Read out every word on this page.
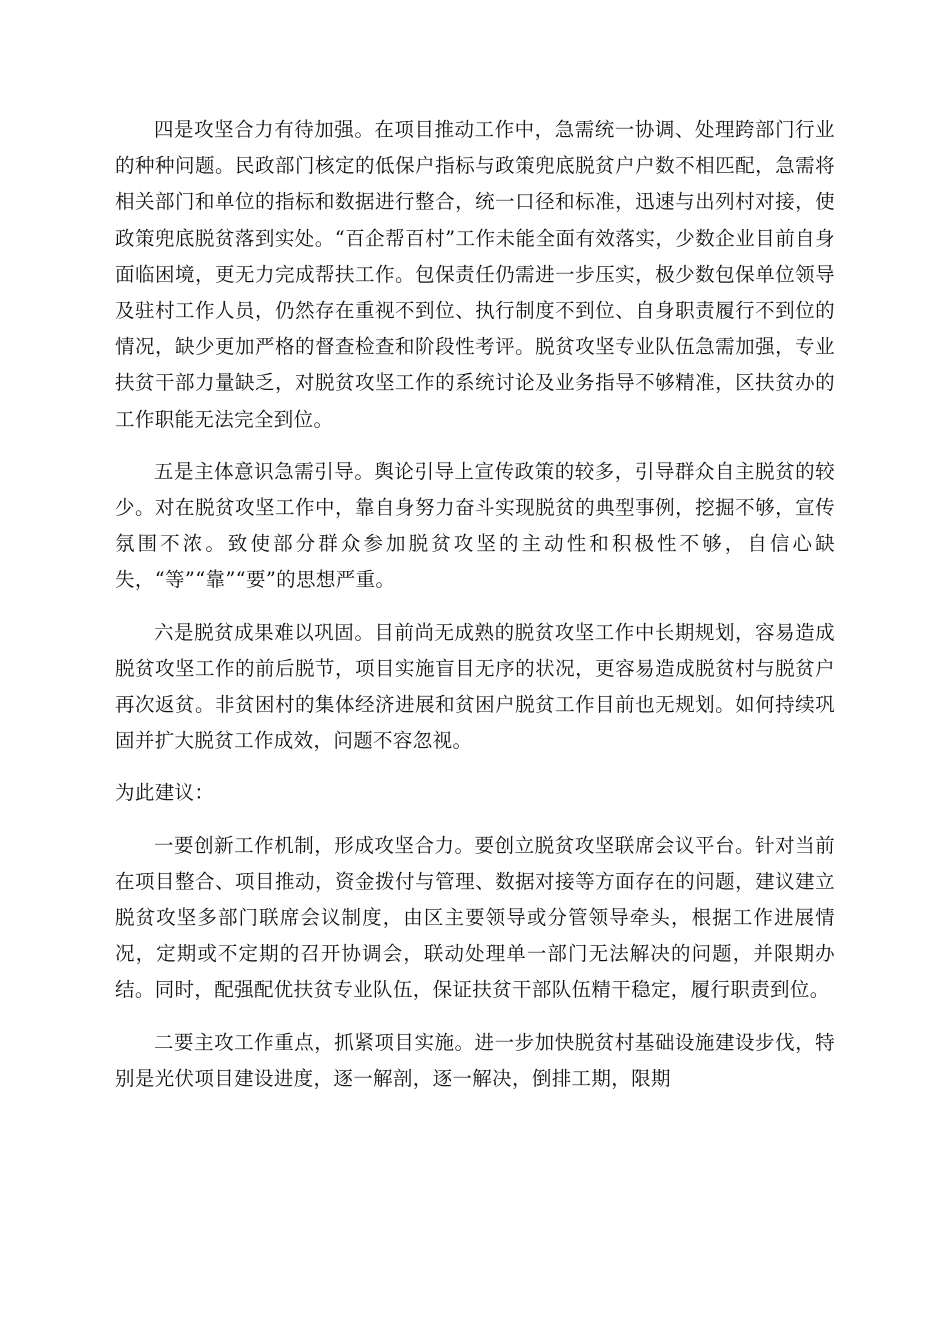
四是攻坚合力有待加强。在项目推动工作中，急需统一协调、处理跨部门行业的种种问题。民政部门核定的低保户指标与政策兜底脱贫户户数不相匹配，急需将相关部门和单位的指标和数据进行整合，统一口径和标准，迅速与出列村对接，使政策兜底脱贫落到实处。“百企帮百村”工作未能全面有效落实，少数企业目前自身面临困境，更无力完成帮扶工作。包保责任仍需进一步压实，极少数包保单位领导及驻村工作人员，仍然存在重视不到位、执行制度不到位、自身职责履行不到位的情况，缺少更加严格的督查检查和阶段性考评。脱贫攻坚专业队伍急需加强，专业扶贫干部力量缺乏，对脱贫攻坚工作的系统讨论及业务指导不够精准，区扶贫办的工作职能无法完全到位。

五是主体意识急需引导。舆论引导上宣传政策的较多，引导群众自主脱贫的较少。对在脱贫攻坚工作中，靠自身努力奋斗实现脱贫的典型事例，挖掘不够，宣传氛围不浓。致使部分群众参加脱贫攻坚的主动性和积极性不够，自信心缺失，“等”“靠”“要”的思想严重。

六是脱贫成果难以巩固。目前尚无成熟的脱贫攻坚工作中长期规划，容易造成脱贫攻坚工作的前后脱节，项目实施盲目无序的状况，更容易造成脱贫村与脱贫户再次返贫。非贫困村的集体经济进展和贫困户脱贫工作目前也无规划。如何持续巩固并扩大脱贫工作成效，问题不容忽视。

为此建议：

一要创新工作机制，形成攻坚合力。要创立脱贫攻坚联席会议平台。针对当前在项目整合、项目推动，资金拨付与管理、数据对接等方面存在的问题，建议建立脱贫攻坚多部门联席会议制度，由区主要领导或分管领导牵头，根据工作进展情况，定期或不定期的召开协调会，联动处理单一部门无法解决的问题，并限期办结。同时，配强配优扶贫专业队伍，保证扶贫干部队伍精干稳定，履行职责到位。

二要主攻工作重点，抓紧项目实施。进一步加快脱贫村基础设施建设步伐，特别是光伏项目建设进度，逐一解剖，逐一解决，倒排工期，限期
